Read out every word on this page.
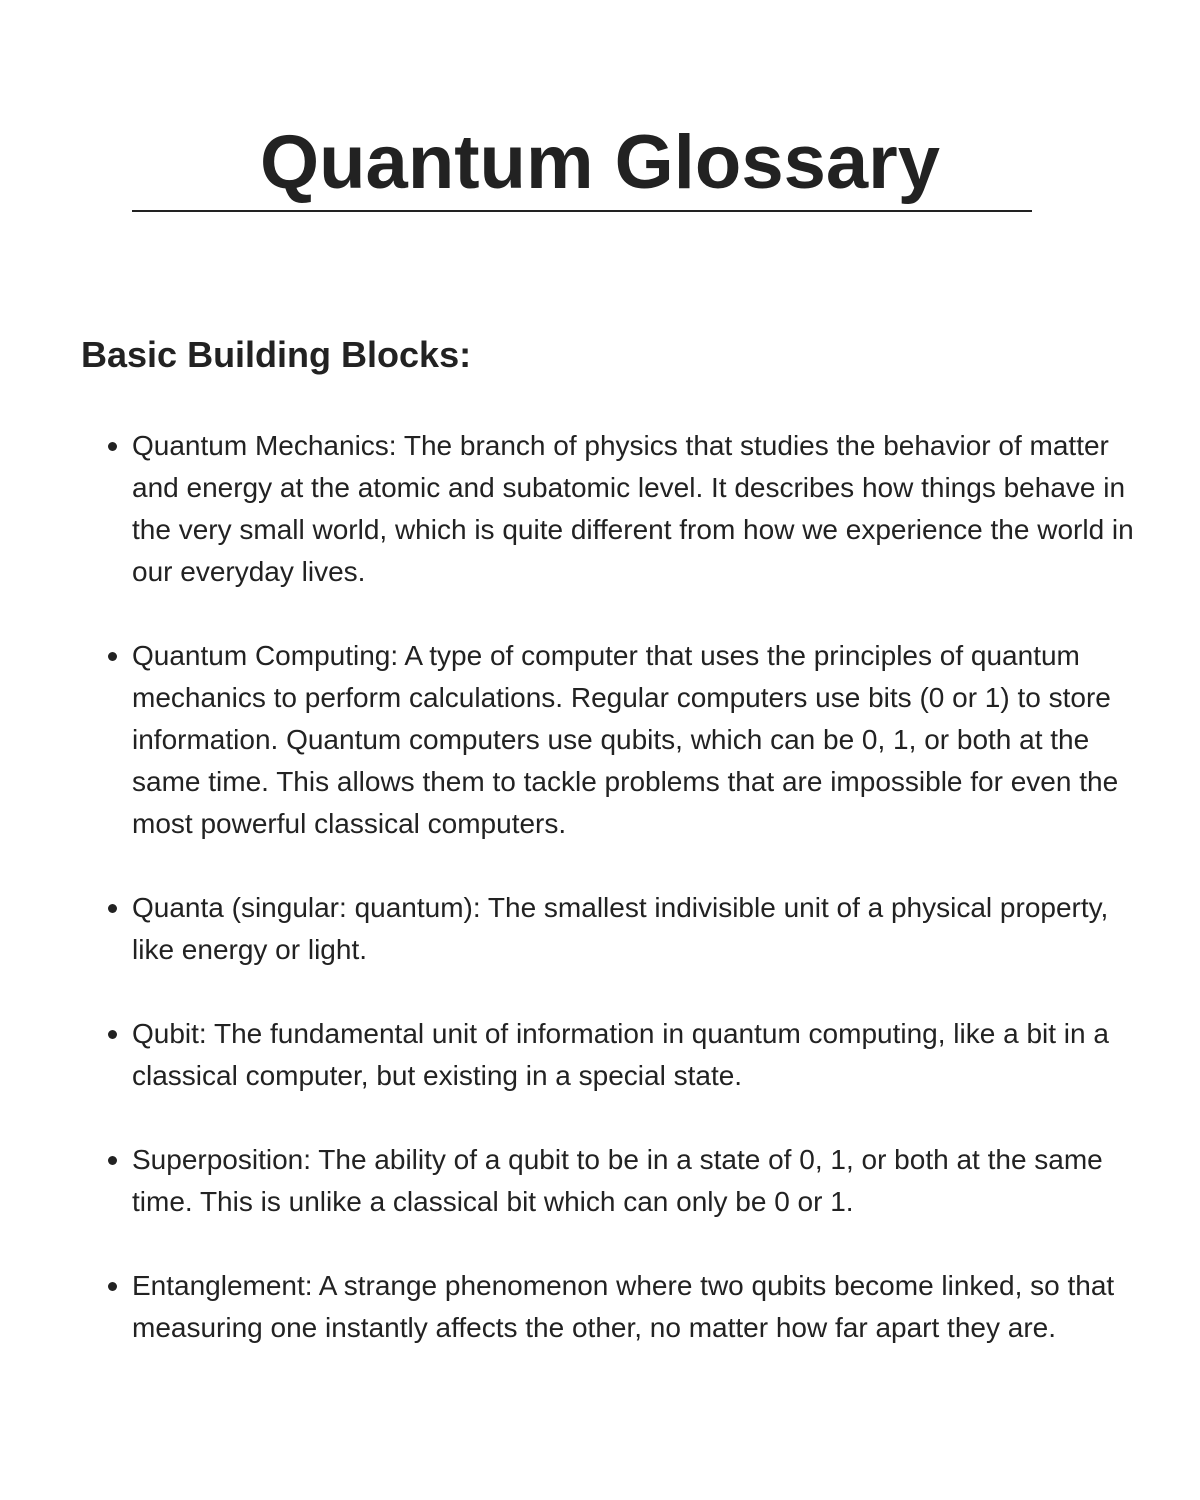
Quantum Glossary
Basic Building Blocks:
Quantum Mechanics: The branch of physics that studies the behavior of matter and energy at the atomic and subatomic level. It describes how things behave in the very small world, which is quite different from how we experience the world in our everyday lives.
Quantum Computing: A type of computer that uses the principles of quantum mechanics to perform calculations. Regular computers use bits (0 or 1) to store information. Quantum computers use qubits, which can be 0, 1, or both at the same time. This allows them to tackle problems that are impossible for even the most powerful classical computers.
Quanta (singular: quantum): The smallest indivisible unit of a physical property, like energy or light.
Qubit: The fundamental unit of information in quantum computing, like a bit in a classical computer, but existing in a special state.
Superposition: The ability of a qubit to be in a state of 0, 1, or both at the same time. This is unlike a classical bit which can only be 0 or 1.
Entanglement: A strange phenomenon where two qubits become linked, so that measuring one instantly affects the other, no matter how far apart they are.
